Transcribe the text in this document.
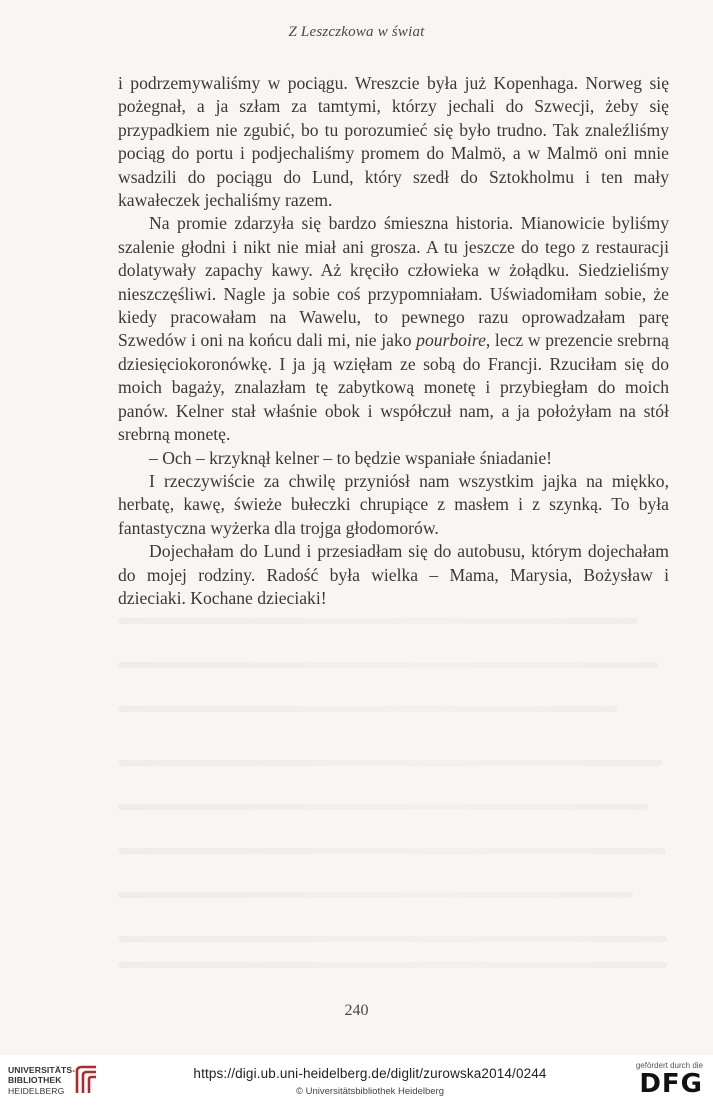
Z Leszczkowa w świat

i podrzemywaliśmy w pociągu. Wreszcie była już Kopenhaga. Norweg się pożegnał, a ja szłam za tamtymi, którzy jechali do Szwecji, żeby się przypadkiem nie zgubić, bo tu porozumieć się było trudno. Tak znaleźliśmy pociąg do portu i podjechaliśmy promem do Malmö, a w Malmö oni mnie wsadzili do pociągu do Lund, który szedł do Sztokholmu i ten mały kawałeczek jechaliśmy razem.

Na promie zdarzyła się bardzo śmieszna historia. Mianowicie byliśmy szalenie głodni i nikt nie miał ani grosza. A tu jeszcze do tego z restauracji dolatywały zapachy kawy. Aż kręciło człowieka w żołądku. Siedzieliśmy nieszczęśliwi. Nagle ja sobie coś przypomniałam. Uświadomiłam sobie, że kiedy pracowałam na Wawelu, to pewnego razu oprowadzałam parę Szwedów i oni na końcu dali mi, nie jako pourboire, lecz w prezencie srebrną dziesięciokoronówkę. I ja ją wzięłam ze sobą do Francji. Rzuciłam się do moich bagaży, znalazłam tę zabytkową monetę i przybiegłam do moich panów. Kelner stał właśnie obok i współczuł nam, a ja położyłam na stół srebrną monetę.

– Och – krzyknął kelner – to będzie wspaniałe śniadanie!

I rzeczywiście za chwilę przyniósł nam wszystkim jajka na miękko, herbatę, kawę, świeże bułeczki chrupiące z masłem i z szynką. To była fantastyczna wyżerka dla trojga głodomorów.

Dojechałam do Lund i przesiadłam się do autobusu, którym dojechałam do mojej rodziny. Radość była wielka – Mama, Marysia, Bożysław i dzieciaki. Kochane dzieciaki!

240
UNIVERSITÄTS-
BIBLIOTHEK
HEIDELBERG
https://digi.ub.uni-heidelberg.de/diglit/zurowska2014/0244
© Universitätsbibliothek Heidelberg
gefördert durch die
DFG
